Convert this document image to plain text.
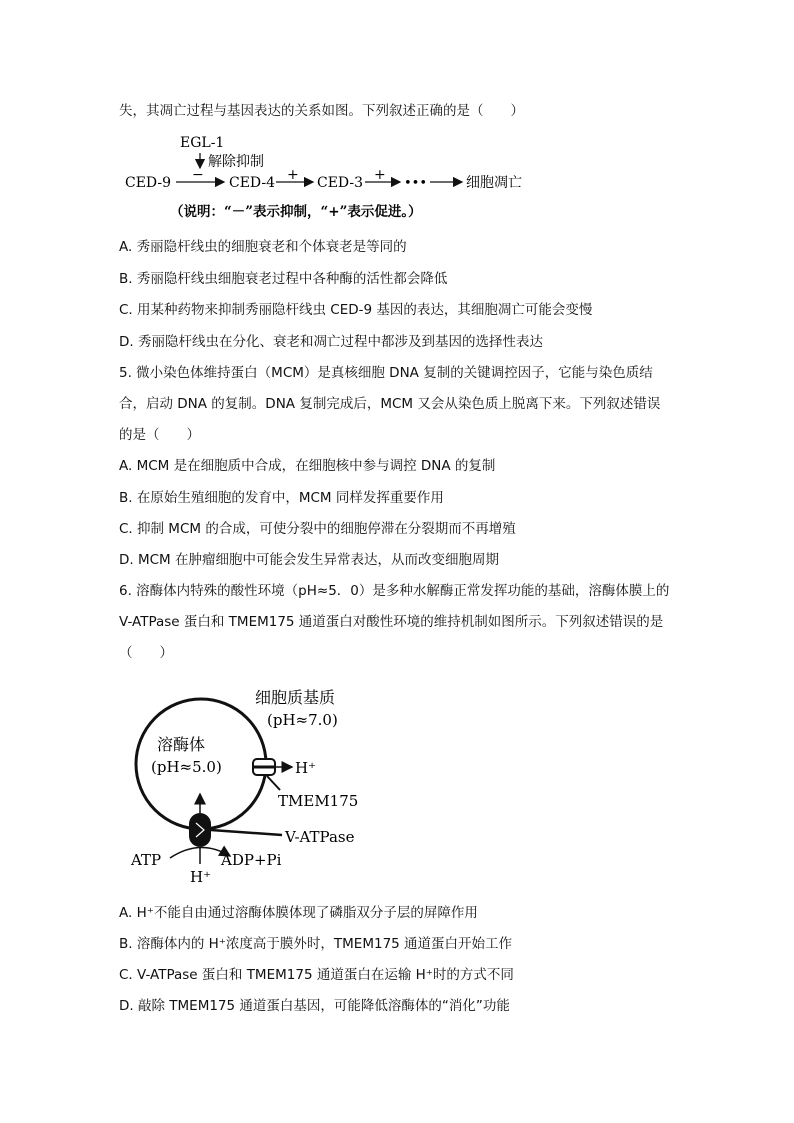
失，其凋亡过程与基因表达的关系如图。下列叙述正确的是（　　）
EGL-1
解除抑制
CED-9 − CED-4 + CED-3 +
•••	细胞凋亡
（说明：“－”表示抑制，“+”表示促进。）
A. 秀丽隐杆线虫的细胞衰老和个体衰老是等同的
B. 秀丽隐杆线虫细胞衰老过程中各种酶的活性都会降低
C. 用某种药物来抑制秀丽隐杆线虫 CED-9 基因的表达，其细胞凋亡可能会变慢
D. 秀丽隐杆线虫在分化、衰老和凋亡过程中都涉及到基因的选择性表达
5. 微小染色体维持蛋白（MCM）是真核细胞 DNA 复制的关键调控因子，它能与染色质结
合，启动 DNA 的复制。DNA 复制完成后，MCM 又会从染色质上脱离下来。下列叙述错误
的是（　　）
A. MCM 是在细胞质中合成，在细胞核中参与调控 DNA 的复制
B. 在原始生殖细胞的发育中，MCM 同样发挥重要作用
C. 抑制 MCM 的合成，可使分裂中的细胞停滞在分裂期而不再增殖
D. MCM 在肿瘤细胞中可能会发生异常表达，从而改变细胞周期
6. 溶酶体内特殊的酸性环境（pH≈5．0）是多种水解酶正常发挥功能的基础，溶酶体膜上的
V-ATPase 蛋白和 TMEM175 通道蛋白对酸性环境的维持机制如图所示。下列叙述错误的是
（　　）
细胞质基质
(pH≈7.0)
溶酶体
(pH≈5.0)	H⁺
TMEM175
V-ATPase
ATP	ADP+Pi
H⁺
A. H⁺不能自由通过溶酶体膜体现了磷脂双分子层的屏障作用
B. 溶酶体内的 H⁺浓度高于膜外时，TMEM175 通道蛋白开始工作
C. V-ATPase 蛋白和 TMEM175 通道蛋白在运输 H⁺时的方式不同
D. 敲除 TMEM175 通道蛋白基因，可能降低溶酶体的“消化”功能
